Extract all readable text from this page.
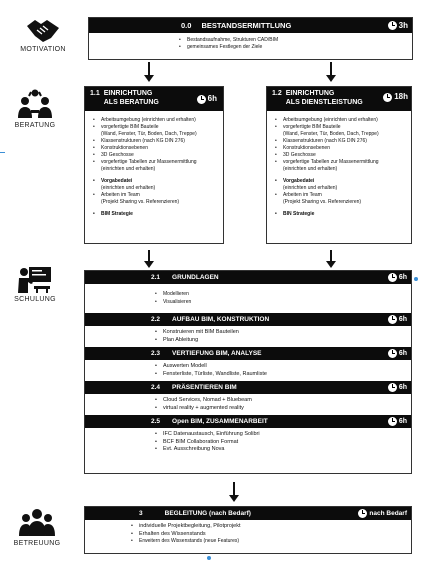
MOTIVATION
BERATUNG
SCHULUNG
BETREUUNG
0.0 BESTANDSERMITTLUNG	3h
• Bestandsaufnahme, Strukturen CAD/BIM
• gemeinsames Festlegen der Ziele
1.1 EINRICHTUNG
ALS BERATUNG	6h
• Arbeitsumgebung (einrichten und erhalten)
• vorgefertigte BIM Bauteile
(Wand, Fenster, Tür, Boden, Dach, Treppe)
• Klassenstrukturen (nach KG DIN 276)
• Konstruktionsebenen
• 3D Geschosse
• vorgefertige Tabellen zur Massenermittlung
(einrichten und erhalten)
• Vorgabedatei
(einrichten und erhalten)
• Arbeiten im Team
(Projekt Sharing vs. Referenzieren)
• BIM Strategie
1.2 EINRICHTUNG
ALS DIENSTLEISTUNG
18h
• Arbeitsumgebung (einrichten und erhalten)
• vorgefertigte BIM Bauteile
(Wand, Fenster, Tür, Boden, Dach, Treppe)
• Klassenstrukturen (nach KG DIN 276)
• Konstruktionsebenen
• 3D Geschosse
• vorgefertige Tabellen zur Massenermittlung
(einrichten und erhalten)
• Vorgabedatei
(einrichten und erhalten)
• Arbeiten im Team
(Projekt Sharing vs. Referenzieren)
• BIN Strategie
2.1 GRUNDLAGEN	6h
• Modellieren
• Visualisieren
2.2 AUFBAU BIM, KONSTRUKTION	6h
• Konstruieren mit BIM Bauteilen
• Plan Ableitung
2.3 VERTIEFUNG BIM, ANALYSE	6h
• Auswerten Modell
• Fensterliste, Türliste, Wandliste, Raumliste
2.4 PRÄSENTIEREN BIM	6h
• Cloud Services, Nomad + Bluebeam
• virtual reality + augmented reality
2.5 Open BIM, ZUSAMMENARBEIT	6h
• IFC Datenaustausch, Einführung Solibri
• BCF BIM Collaboration Format
• Evt. Ausschreibung Nova
3	BEGLEITUNG (nach Bedarf)	nach Bedarf
• individuelle Projektbegleitung, Pilotprojekt
• Erhalten des Wissenstands
• Erweitern des Wissenstands (neue Features)
